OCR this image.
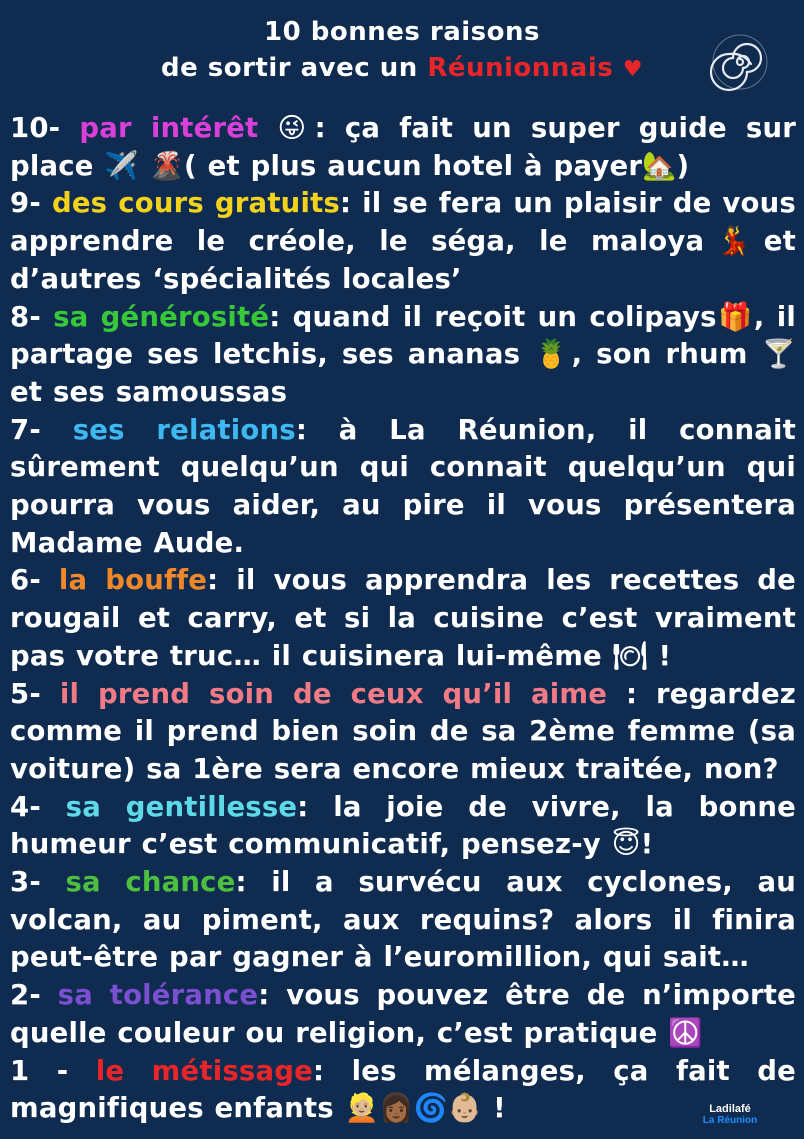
10 bonnes raisons
de sortir avec un Réunionnais ♥
10- par intérêt 😜: ça fait un super guide sur place ✈️ 🌋( et plus aucun hotel à payer🏡)
9- des cours gratuits: il se fera un plaisir de vous apprendre le créole, le séga, le maloya💃et d’autres ‘spécialités locales’
8- sa générosité: quand il reçoit un colipays🎁, il partage ses letchis, ses ananas 🍍, son rhum 🍸et ses samoussas
7- ses relations: à La Réunion, il connait sûrement quelqu’un qui connait quelqu’un qui pourra vous aider, au pire il vous présentera Madame Aude.
6- la bouffe: il vous apprendra les recettes de rougail et carry, et si la cuisine c’est vraiment pas votre truc… il cuisinera lui-même 🍽 !
5- il prend soin de ceux qu’il aime : regardez comme il prend bien soin de sa 2ème femme (sa voiture) sa 1ère sera encore mieux traitée, non?
4- sa gentillesse: la joie de vivre, la bonne humeur c’est communicatif, pensez-y 😇!
3- sa chance: il a survécu aux cyclones, au volcan, au piment, aux requins? alors il finira peut-être par gagner à l’euromillion, qui sait…
2- sa tolérance: vous pouvez être de n’importe quelle couleur ou religion, c’est pratique ☮️
1 - le métissage: les mélanges, ça fait de magnifiques enfants 👱🏼👩🏾🌀👶🏼 !	Ladilafé
La Réunion
